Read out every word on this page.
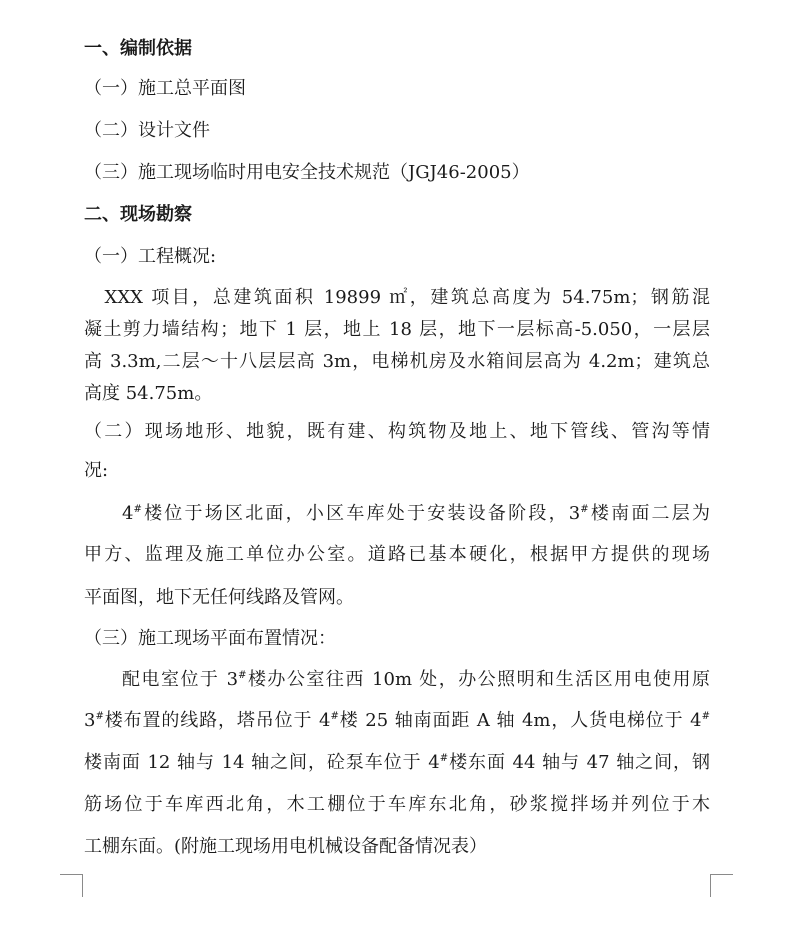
一、编制依据
（一）施工总平面图
（二）设计文件
（三）施工现场临时用电安全技术规范（JGJ46-2005）
二、现场勘察
（一）工程概况:
　XXX 项目，总建筑面积 19899 ㎡，建筑总高度为 54.75m；钢筋混
凝土剪力墙结构；地下 1 层，地上 18 层，地下一层标高-5.050，一层层
高 3.3m,二层～十八层层高 3m，电梯机房及水箱间层高为 4.2m；建筑总
高度 54.75m。
（二）现场地形、地貌，既有建、构筑物及地上、地下管线、管沟等情
况:
4#楼位于场区北面，小区车库处于安装设备阶段，3#楼南面二层为
甲方、监理及施工单位办公室。道路已基本硬化，根据甲方提供的现场
平面图，地下无任何线路及管网。
（三）施工现场平面布置情况：
配电室位于 3#楼办公室往西 10m 处，办公照明和生活区用电使用原
3#楼布置的线路，塔吊位于 4#楼 25 轴南面距 A 轴 4m，人货电梯位于 4#
楼南面 12 轴与 14 轴之间，砼泵车位于 4#楼东面 44 轴与 47 轴之间，钢
筋场位于车库西北角，木工棚位于车库东北角，砂浆搅拌场并列位于木
工棚东面。(附施工现场用电机械设备配备情况表）
